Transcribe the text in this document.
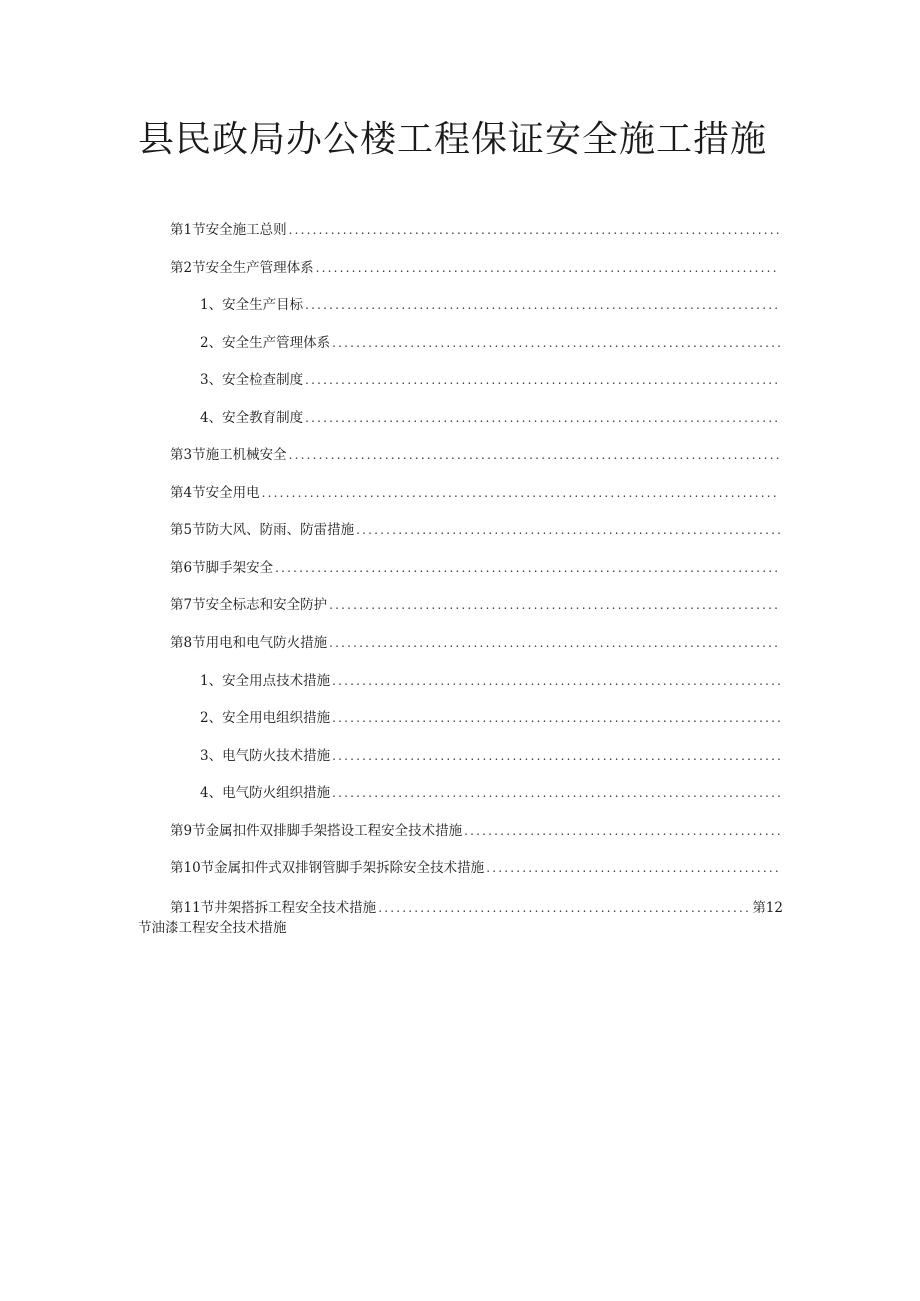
县民政局办公楼工程保证安全施工措施
第1节安全施工总则
.....
第2节安全生产管理体系
.....
1、安全生产目标
.....
2、安全生产管理体系
.....
3、安全检查制度
.....
4、安全教育制度
.....
第3节施工机械安全
.....
第4节安全用电
.....
第5节防大风、防雨、防雷措施
.....
第6节脚手架安全
.....
第7节安全标志和安全防护
.....
第8节用电和电气防火措施
.....
1、安全用点技术措施
.....
2、安全用电组织措施
.....
3、电气防火技术措施
.....
4、电气防火组织措施
.....
第9节金属扣件双排脚手架搭设工程安全技术措施
.....
第10节金属扣件式双排钢管脚手架拆除安全技术措施
.....
第11节井架搭拆工程安全技术措施
.....	第12
节油漆工程安全技术措施
